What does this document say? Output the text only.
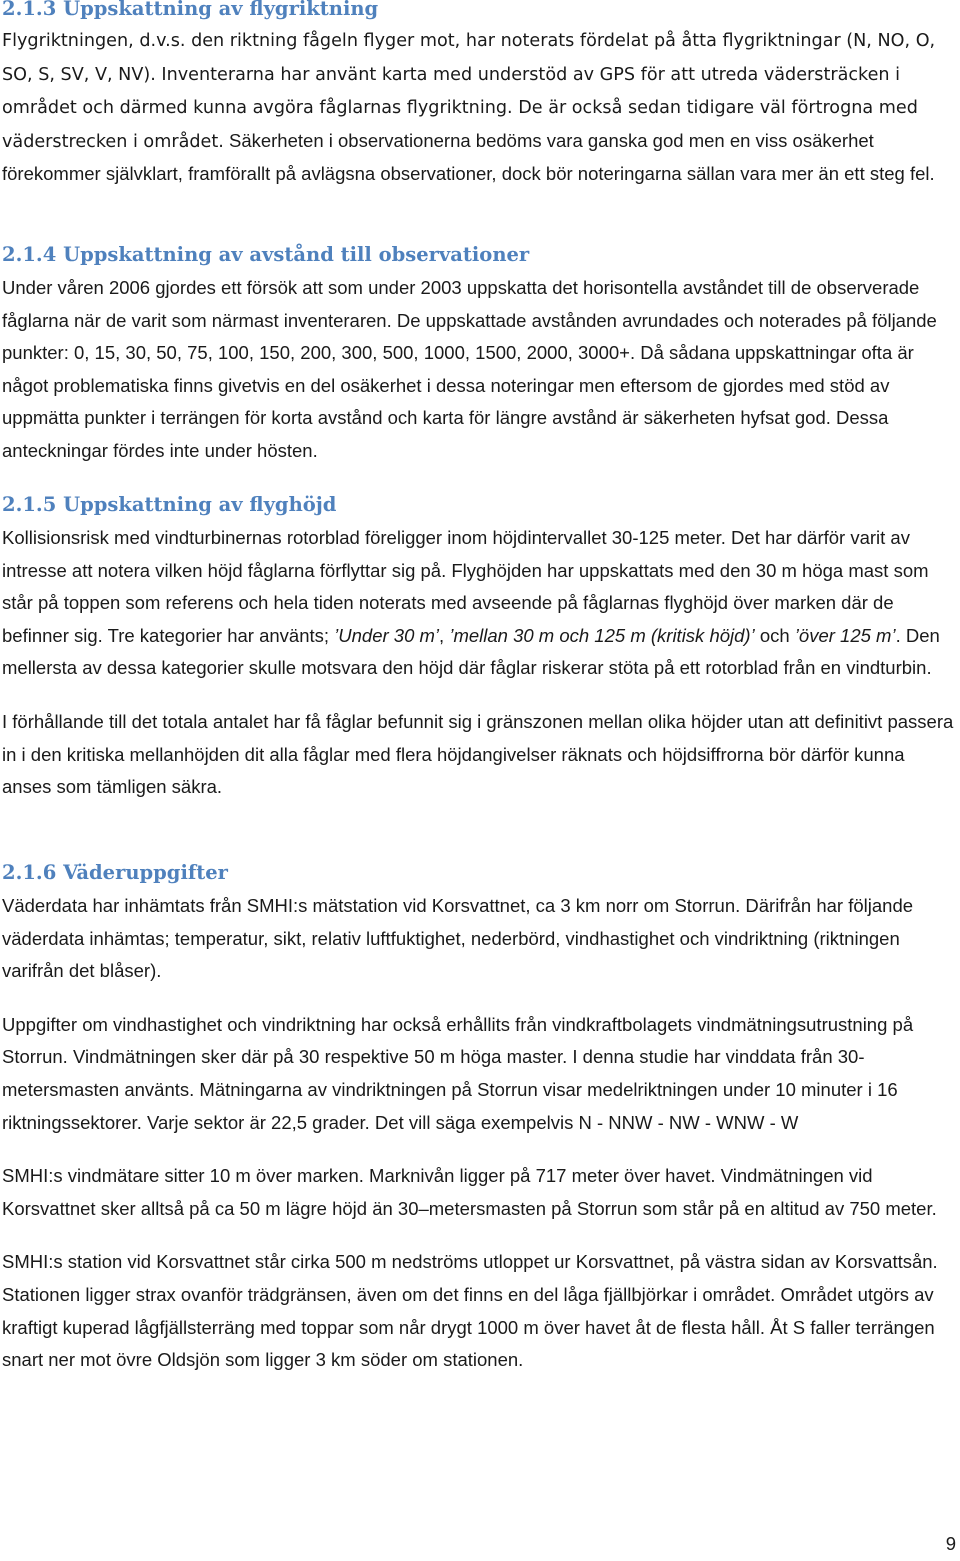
2.1.3 Uppskattning av flygriktning

Flygriktningen, d.v.s. den riktning fågeln flyger mot, har noterats fördelat på åtta flygriktningar (N, NO, O, SO, S, SV, V, NV). Inventerarna har använt karta med understöd av GPS för att utreda vädersträcken i området och därmed kunna avgöra fåglarnas flygriktning. De är också sedan tidigare väl förtrogna med väderstrecken i området. Säkerheten i observationerna bedöms vara ganska god men en viss osäkerhet förekommer självklart, framförallt på avlägsna observationer, dock bör noteringarna sällan vara mer än ett steg fel.

2.1.4 Uppskattning av avstånd till observationer

Under våren 2006 gjordes ett försök att som under 2003 uppskatta det horisontella avståndet till de observerade fåglarna när de varit som närmast inventeraren. De uppskattade avstånden avrundades och noterades på följande punkter: 0, 15, 30, 50, 75, 100, 150, 200, 300, 500, 1000, 1500, 2000, 3000+. Då sådana uppskattningar ofta är något problematiska finns givetvis en del osäkerhet i dessa noteringar men eftersom de gjordes med stöd av uppmätta punkter i terrängen för korta avstånd och karta för längre avstånd är säkerheten hyfsat god. Dessa anteckningar fördes inte under hösten.

2.1.5 Uppskattning av flyghöjd

Kollisionsrisk med vindturbinernas rotorblad föreligger inom höjdintervallet 30-125 meter. Det har därför varit av intresse att notera vilken höjd fåglarna förflyttar sig på. Flyghöjden har uppskattats med den 30 m höga mast som står på toppen som referens och hela tiden noterats med avseende på fåglarnas flyghöjd över marken där de befinner sig. Tre kategorier har använts; ’Under 30 m’, ’mellan 30 m och 125 m (kritisk höjd)’ och ’över 125 m’. Den mellersta av dessa kategorier skulle motsvara den höjd där fåglar riskerar stöta på ett rotorblad från en vindturbin.

I förhållande till det totala antalet har få fåglar befunnit sig i gränszonen mellan olika höjder utan att definitivt passera in i den kritiska mellanhöjden dit alla fåglar med flera höjdangivelser räknats och höjdsiffrorna bör därför kunna anses som tämligen säkra.

2.1.6 Väderuppgifter

Väderdata har inhämtats från SMHI:s mätstation vid Korsvattnet, ca 3 km norr om Storrun. Därifrån har följande väderdata inhämtas; temperatur, sikt, relativ luftfuktighet, nederbörd, vindhastighet och vindriktning (riktningen varifrån det blåser).

Uppgifter om vindhastighet och vindriktning har också erhållits från vindkraftbolagets vindmätningsutrustning på Storrun. Vindmätningen sker där på 30 respektive 50 m höga master. I denna studie har vinddata från 30-metersmasten använts. Mätningarna av vindriktningen på Storrun visar medelriktningen under 10 minuter i 16 riktningssektorer. Varje sektor är 22,5 grader. Det vill säga exempelvis N - NNW - NW - WNW - W

SMHI:s vindmätare sitter 10 m över marken. Marknivån ligger på 717 meter över havet. Vindmätningen vid Korsvattnet sker alltså på ca 50 m lägre höjd än 30–metersmasten på Storrun som står på en altitud av 750 meter.

SMHI:s station vid Korsvattnet står cirka 500 m nedströms utloppet ur Korsvattnet, på västra sidan av Korsvattsån. Stationen ligger strax ovanför trädgränsen, även om det finns en del låga fjällbjörkar i området. Området utgörs av kraftigt kuperad lågfjällsterräng med toppar som når drygt 1000 m över havet åt de flesta håll. Åt S faller terrängen snart ner mot övre Oldsjön som ligger 3 km söder om stationen.

9
